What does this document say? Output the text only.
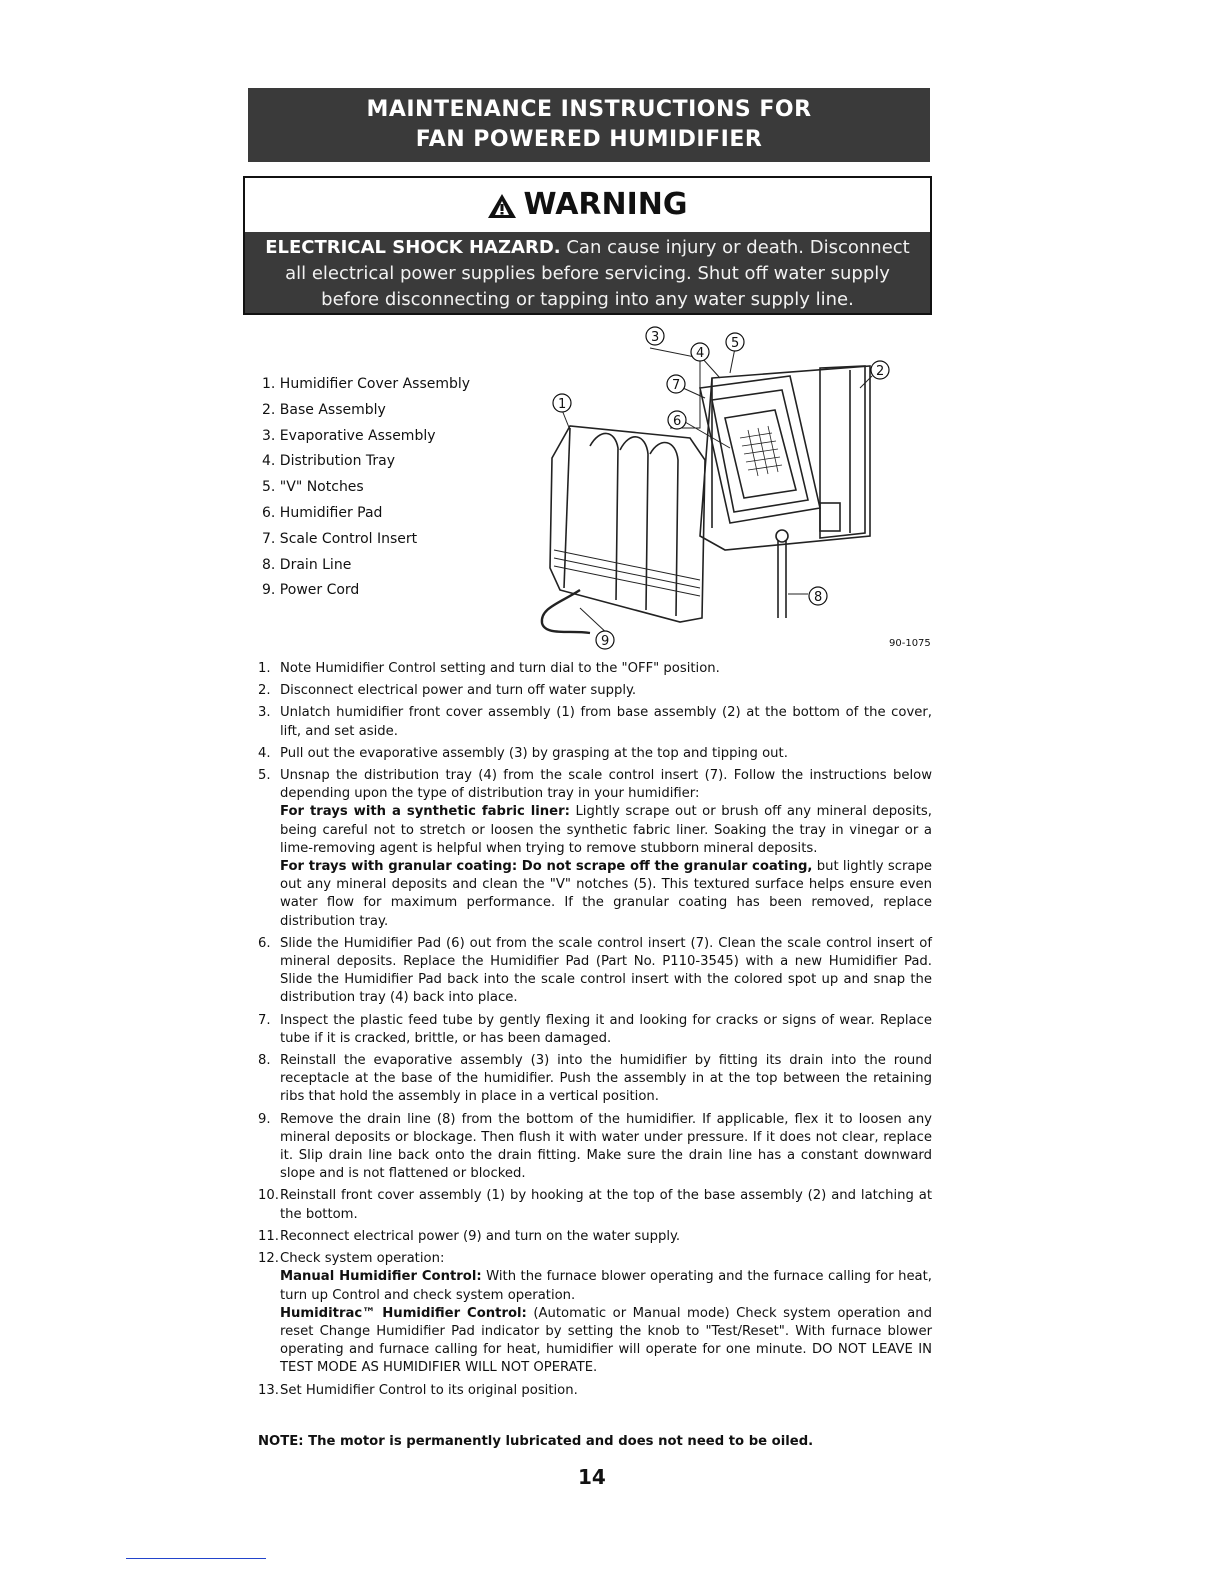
MAINTENANCE INSTRUCTIONS FOR
FAN POWERED HUMIDIFIER
WARNING
ELECTRICAL SHOCK HAZARD. Can cause injury or death. Disconnect all electrical power supplies before servicing. Shut off water supply before disconnecting or tapping into any water supply line.
1. Humidifier Cover Assembly
2. Base Assembly
3. Evaporative Assembly
4. Distribution Tray
5. "V" Notches
6. Humidifier Pad
7. Scale Control Insert
8. Drain Line
9. Power Cord
1
2
3
4
5
6
7
8
9	90-1075
1. Note Humidifier Control setting and turn dial to the "OFF" position.

2. Disconnect electrical power and turn off water supply.

3. Unlatch humidifier front cover assembly (1) from base assembly (2) at the bottom of the cover, lift, and set aside.

4. Pull out the evaporative assembly (3) by grasping at the top and tipping out.

5. Unsnap the distribution tray (4) from the scale control insert (7). Follow the instructions below depending upon the type of distribution tray in your humidifier:

For trays with a synthetic fabric liner: Lightly scrape out or brush off any mineral deposits, being careful not to stretch or loosen the synthetic fabric liner. Soaking the tray in vinegar or a lime-removing agent is helpful when trying to remove stubborn mineral deposits.

For trays with granular coating: Do not scrape off the granular coating, but lightly scrape out any mineral deposits and clean the "V" notches (5). This textured surface helps ensure even water flow for maximum performance. If the granular coating has been removed, replace distribution tray.

6. Slide the Humidifier Pad (6) out from the scale control insert (7). Clean the scale control insert of mineral deposits. Replace the Humidifier Pad (Part No. P110-3545) with a new Humidifier Pad. Slide the Humidifier Pad back into the scale control insert with the colored spot up and snap the distribution tray (4) back into place.

7. Inspect the plastic feed tube by gently flexing it and looking for cracks or signs of wear. Replace tube if it is cracked, brittle, or has been damaged.

8. Reinstall the evaporative assembly (3) into the humidifier by fitting its drain into the round receptacle at the base of the humidifier. Push the assembly in at the top between the retaining ribs that hold the assembly in place in a vertical position.

9. Remove the drain line (8) from the bottom of the humidifier. If applicable, flex it to loosen any mineral deposits or blockage. Then flush it with water under pressure. If it does not clear, replace it. Slip drain line back onto the drain fitting. Make sure the drain line has a constant downward slope and is not flattened or blocked.

10. Reinstall front cover assembly (1) by hooking at the top of the base assembly (2) and latching at the bottom.

11. Reconnect electrical power (9) and turn on the water supply.

12. Check system operation:

Manual Humidifier Control: With the furnace blower operating and the furnace calling for heat, turn up Control and check system operation.

Humiditrac™ Humidifier Control: (Automatic or Manual mode) Check system operation and reset Change Humidifier Pad indicator by setting the knob to "Test/Reset". With furnace blower operating and furnace calling for heat, humidifier will operate for one minute. DO NOT LEAVE IN TEST MODE AS HUMIDIFIER WILL NOT OPERATE.

13. Set Humidifier Control to its original position.

NOTE: The motor is permanently lubricated and does not need to be oiled.
14
